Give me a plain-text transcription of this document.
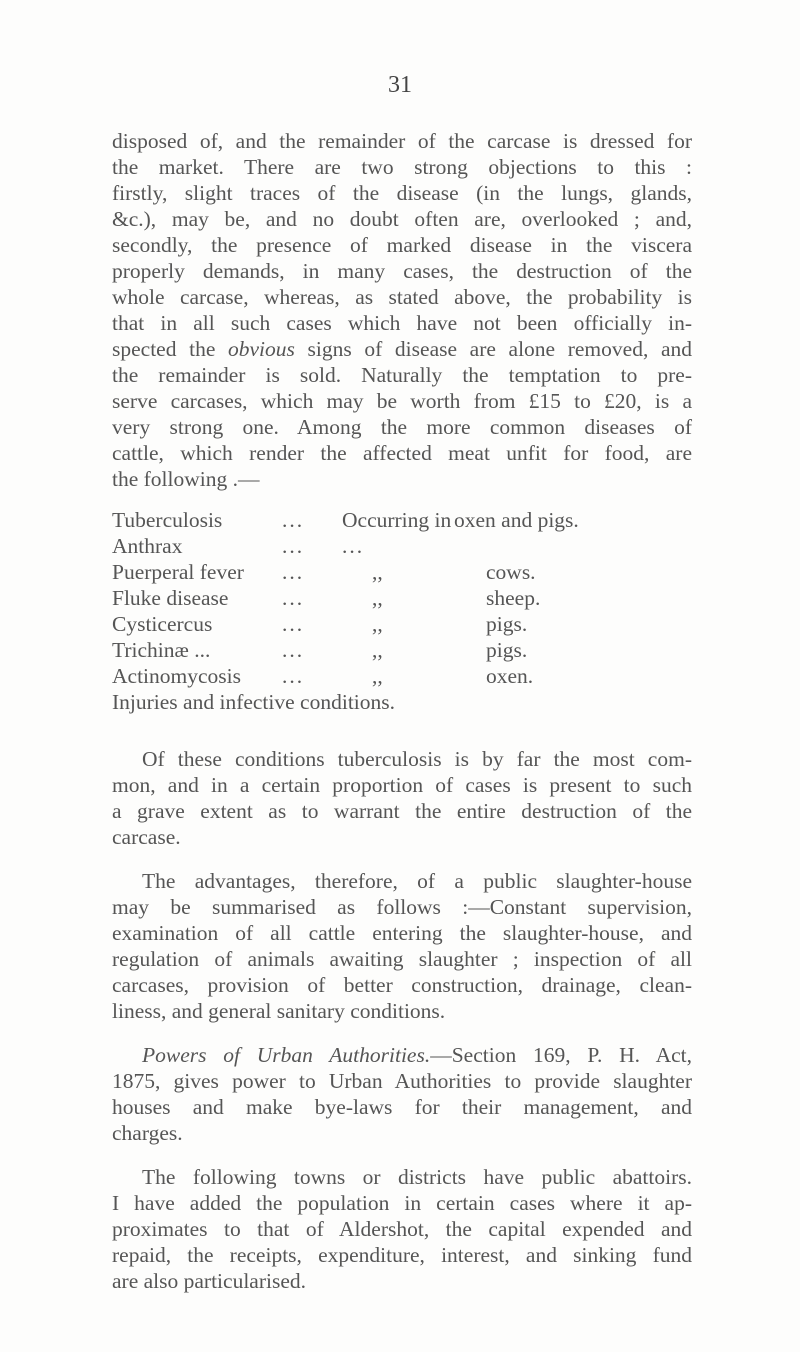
31
disposed of, and the remainder of the carcase is dressed for
the market. There are two strong objections to this :
firstly, slight traces of the disease (in the lungs, glands,
&c.), may be, and no doubt often are, overlooked ; and,
secondly, the presence of marked disease in the viscera
properly demands, in many cases, the destruction of the
whole carcase, whereas, as stated above, the probability is
that in all such cases which have not been officially in-
spected the obvious signs of disease are alone removed, and
the remainder is sold. Naturally the temptation to pre-
serve carcases, which may be worth from £15 to £20, is a
very strong one. Among the more common diseases of
cattle, which render the affected meat unfit for food, are
the following .—
Tuberculosis	... Occurring in oxen and pigs.
Anthrax	... ...
Puerperal fever ...	,,	cows.
Fluke disease ...	,,	sheep.
Cysticercus	...	,,	pigs.
Trichinæ ...	...	,,	pigs.
Actinomycosis ...	,,	oxen.
Injuries and infective conditions.
Of these conditions tuberculosis is by far the most com-
mon, and in a certain proportion of cases is present to such
a grave extent as to warrant the entire destruction of the
carcase.
The advantages, therefore, of a public slaughter-house
may be summarised as follows :—Constant supervision,
examination of all cattle entering the slaughter-house, and
regulation of animals awaiting slaughter ; inspection of all
carcases, provision of better construction, drainage, clean-
liness, and general sanitary conditions.
Powers of Urban Authorities.—Section 169, P. H. Act,
1875, gives power to Urban Authorities to provide slaughter
houses and make bye-laws for their management, and
charges.
The following towns or districts have public abattoirs.
I have added the population in certain cases where it ap-
proximates to that of Aldershot, the capital expended and
repaid, the receipts, expenditure, interest, and sinking fund
are also particularised.
